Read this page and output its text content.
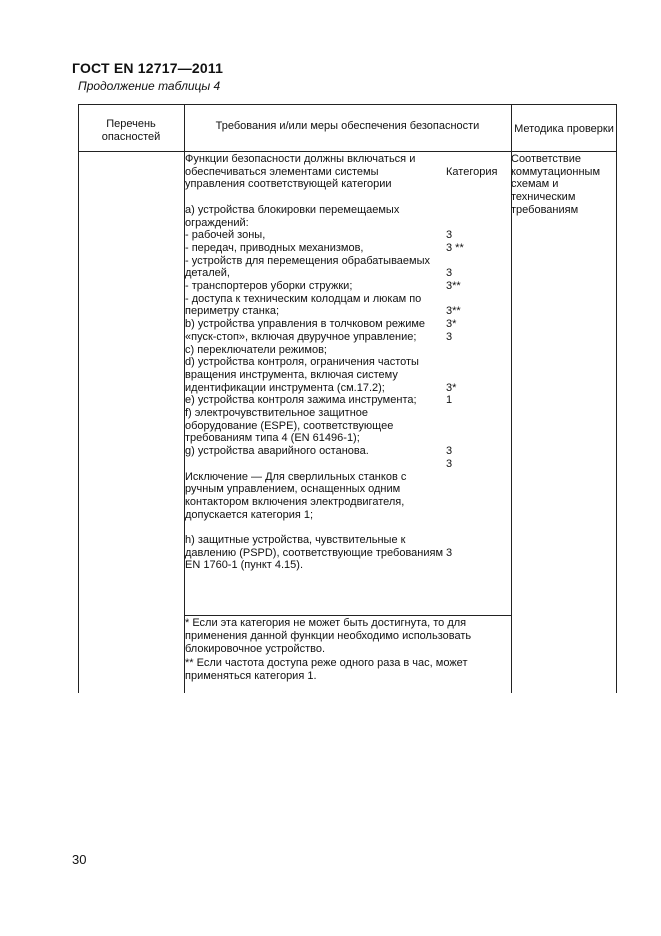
ГОСТ EN 12717—2011
Продолжение таблицы 4
Перечень
опасностей
Требования и/или меры обеспечения безопасности	Методика проверки
Функции безопасности должны включаться и
обеспечиваться элементами системы
управления соответствующей категории
а) устройства блокировки перемещаемых
ограждений:
- рабочей зоны,
- передач, приводных механизмов,
- устройств для перемещения обрабатываемых
деталей,
- транспортеров уборки стружки;
- доступа к техническим колодцам и люкам по
периметру станка;
b) устройства управления в толчковом режиме
«пуск-стоп», включая двуручное управление;
c) переключатели режимов;
d) устройства контроля, ограничения частоты
вращения инструмента, включая систему
идентификации инструмента (см.17.2);
e) устройства контроля зажима инструмента;
f) электрочувствительное защитное
оборудование (ESPE), соответствующее
требованиям типа 4 (EN 61496-1);
g) устройства аварийного останова.
Исключение — Для сверлильных станков с
ручным управлением, оснащенных одним
контактором включения электродвигателя,
допускается категория 1;
h) защитные устройства, чувствительные к
давлению (PSPD), соответствующие требованиям
EN 1760-1 (пункт 4.15).
Категория
3
3 **
3
3**
3**
3*
3
3*
1
3
3
3
Соответствие
коммутационным
схемам и
техническим
требованиям
* Если эта категория не может быть достигнута, то для
применения данной функции необходимо использовать
блокировочное устройство.
** Если частота доступа реже одного раза в час, может
применяться категория 1.
30
